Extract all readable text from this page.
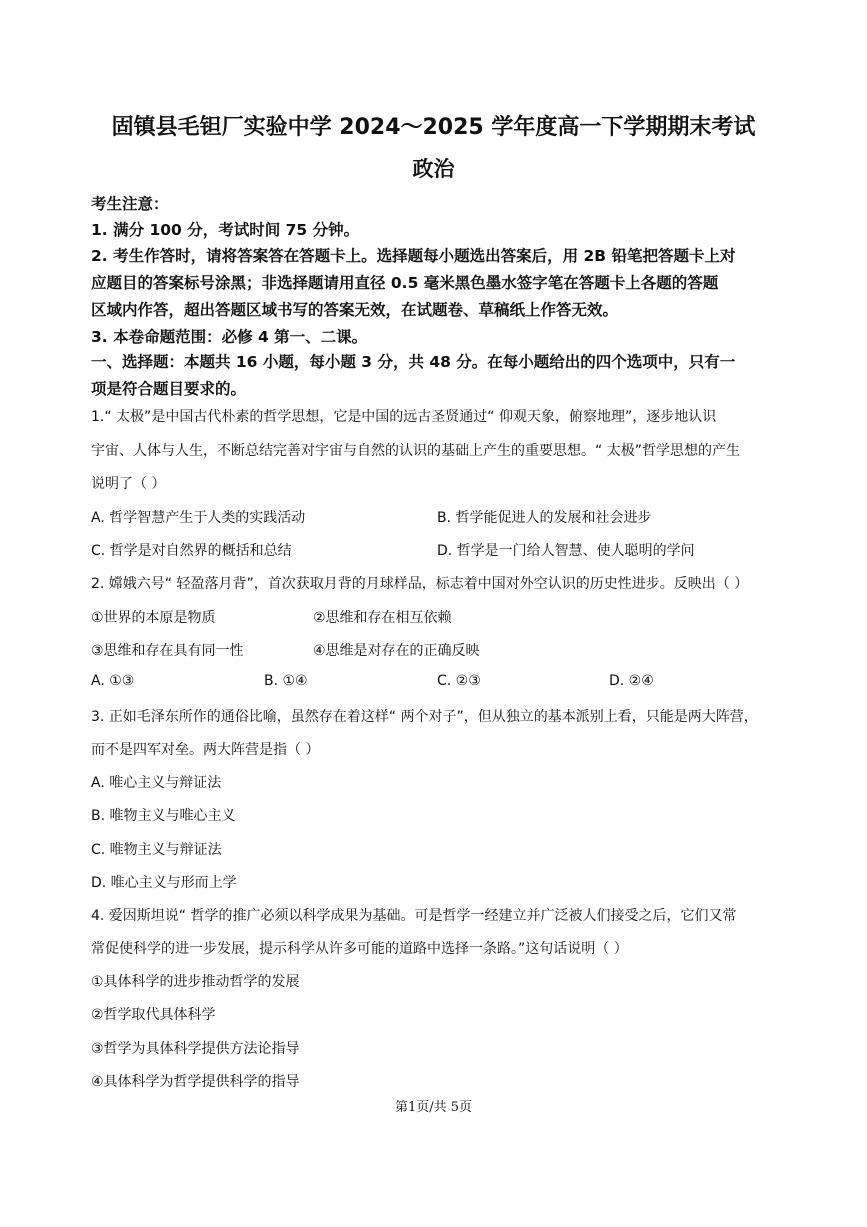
固镇县毛钽厂实验中学 2024～2025 学年度高一下学期期末考试
政治
考生注意：
1. 满分 100 分，考试时间 75 分钟。
2. 考生作答时，请将答案答在答题卡上。选择题每小题选出答案后，用 2B 铅笔把答题卡上对
应题目的答案标号涂黑；非选择题请用直径 0.5 毫米黑色墨水签字笔在答题卡上各题的答题
区域内作答，超出答题区域书写的答案无效，在试题卷、草稿纸上作答无效。
3. 本卷命题范围：必修 4 第一、二课。
一、选择题：本题共 16 小题，每小题 3 分，共 48 分。在每小题给出的四个选项中，只有一
项是符合题目要求的。
1.“ 太极”是中国古代朴素的哲学思想，它是中国的远古圣贤通过“ 仰观天象，俯察地理”，逐步地认识
宇宙、人体与人生，不断总结完善对宇宙与自然的认识的基础上产生的重要思想。“ 太极”哲学思想的产生
说明了（ ）
A. 哲学智慧产生于人类的实践活动	B. 哲学能促进人的发展和社会进步
C. 哲学是对自然界的概括和总结	D. 哲学是一门给人智慧、使人聪明的学问
2. 嫦娥六号“ 轻盈落月背”，首次获取月背的月球样品，标志着中国对外空认识的历史性进步。反映出（ ）
①世界的本原是物质	②思维和存在相互依赖
③思维和存在具有同一性	④思维是对存在的正确反映
A. ①③	B. ①④	C. ②③	D. ②④
3. 正如毛泽东所作的通俗比喻，虽然存在着这样“ 两个对子”，但从独立的基本派别上看，只能是两大阵营，
而不是四军对垒。两大阵营是指（ ）
A. 唯心主义与辩证法
B. 唯物主义与唯心主义
C. 唯物主义与辩证法
D. 唯心主义与形而上学
4. 爱因斯坦说“ 哲学的推广必须以科学成果为基础。可是哲学一经建立并广泛被人们接受之后，它们又常
常促使科学的进一步发展，提示科学从许多可能的道路中选择一条路。”这句话说明（ ）
①具体科学的进步推动哲学的发展
②哲学取代具体科学
③哲学为具体科学提供方法论指导
④具体科学为哲学提供科学的指导
第1页/共 5页
